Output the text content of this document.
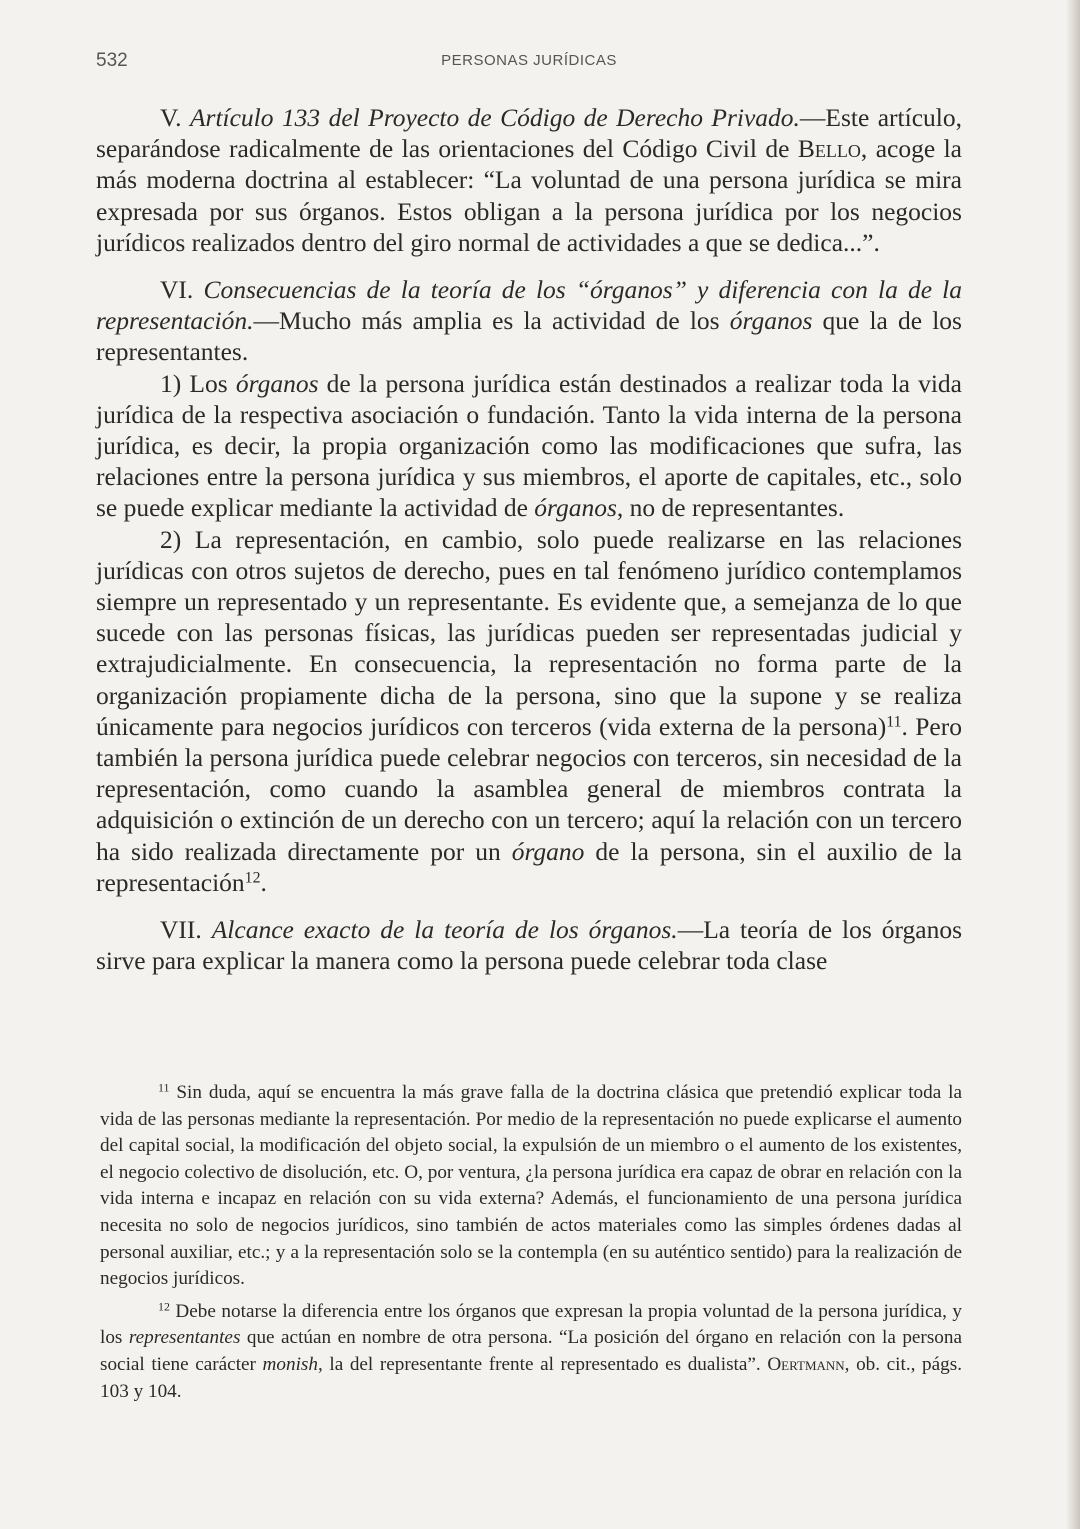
532	PERSONAS JURÍDICAS

V. Artículo 133 del Proyecto de Código de Derecho Privado.—Este artículo, separándose radicalmente de las orientaciones del Código Civil de Bello, acoge la más moderna doctrina al establecer: “La voluntad de una persona jurídica se mira expresada por sus órganos. Estos obligan a la persona jurídica por los negocios jurídicos realizados dentro del giro normal de actividades a que se dedica...”.

VI. Consecuencias de la teoría de los “órganos” y diferencia con la de la representación.—Mucho más amplia es la actividad de los órganos que la de los representantes.

1) Los órganos de la persona jurídica están destinados a realizar toda la vida jurídica de la respectiva asociación o fundación. Tanto la vida interna de la persona jurídica, es decir, la propia organización como las modificaciones que sufra, las relaciones entre la persona jurídica y sus miembros, el aporte de capitales, etc., solo se puede explicar mediante la actividad de órganos, no de representantes.

2) La representación, en cambio, solo puede realizarse en las relaciones jurídicas con otros sujetos de derecho, pues en tal fenómeno jurídico contemplamos siempre un representado y un representante. Es evidente que, a semejanza de lo que sucede con las personas físicas, las jurídicas pueden ser representadas judicial y extrajudicialmente. En consecuencia, la representación no forma parte de la organización propiamente dicha de la persona, sino que la supone y se realiza únicamente para negocios jurídicos con terceros (vida externa de la persona)$^{11}$. Pero también la persona jurídica puede celebrar negocios con terceros, sin necesidad de la representación, como cuando la asamblea general de miembros contrata la adquisición o extinción de un derecho con un tercero; aquí la relación con un tercero ha sido realizada directamente por un órgano de la persona, sin el auxilio de la representación$^{12}$.

VII. Alcance exacto de la teoría de los órganos.—La teoría de los órganos sirve para explicar la manera como la persona puede celebrar toda clase

$^{11}$ Sin duda, aquí se encuentra la más grave falla de la doctrina clásica que pretendió explicar toda la vida de las personas mediante la representación. Por medio de la representación no puede explicarse el aumento del capital social, la modificación del objeto social, la expulsión de un miembro o el aumento de los existentes, el negocio colectivo de disolución, etc. O, por ventura, ¿la persona jurídica era capaz de obrar en relación con la vida interna e incapaz en relación con su vida externa? Además, el funcionamiento de una persona jurídica necesita no solo de negocios jurídicos, sino también de actos materiales como las simples órdenes dadas al personal auxiliar, etc.; y a la representación solo se la contempla (en su auténtico sentido) para la realización de negocios jurídicos.

$^{12}$ Debe notarse la diferencia entre los órganos que expresan la propia voluntad de la persona jurídica, y los representantes que actúan en nombre de otra persona. “La posición del órgano en relación con la persona social tiene carácter monish, la del representante frente al representado es dualista”. Oertmann, ob. cit., págs. 103 y 104.
